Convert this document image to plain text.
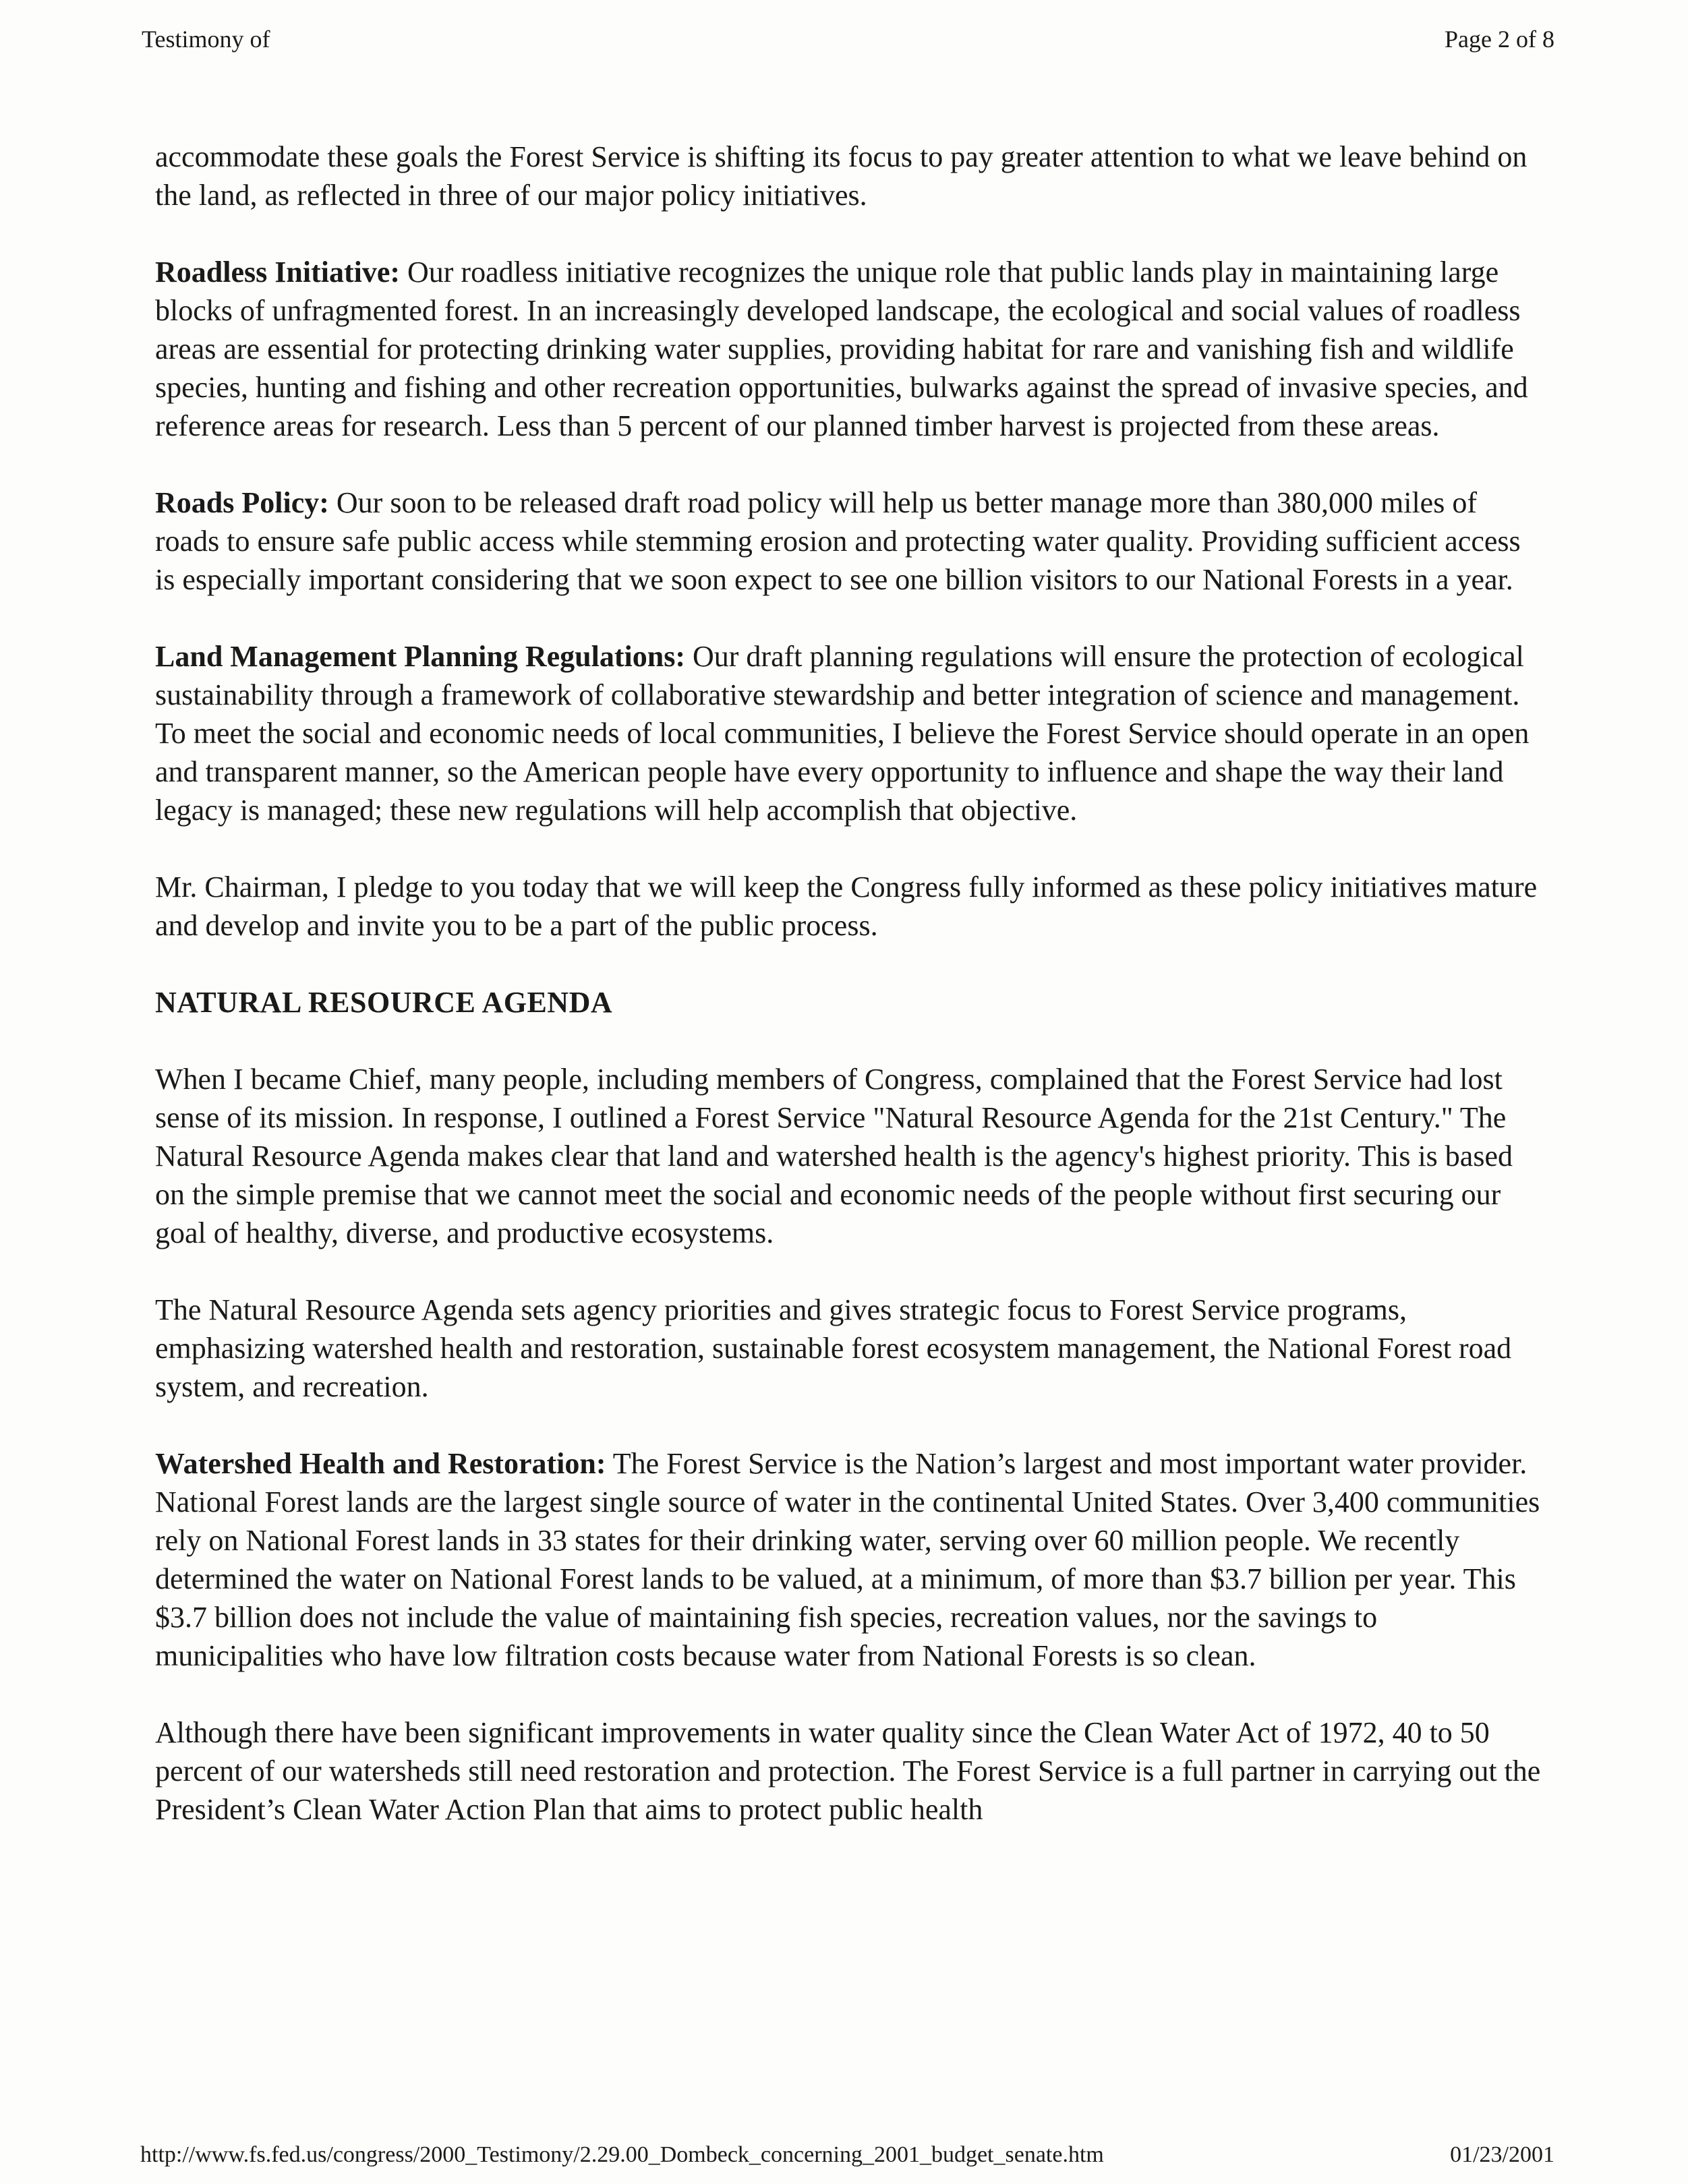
Testimony of	Page 2 of 8

accommodate these goals the Forest Service is shifting its focus to pay greater attention to what we leave behind on the land, as reflected in three of our major policy initiatives.

Roadless Initiative: Our roadless initiative recognizes the unique role that public lands play in maintaining large blocks of unfragmented forest. In an increasingly developed landscape, the ecological and social values of roadless areas are essential for protecting drinking water supplies, providing habitat for rare and vanishing fish and wildlife species, hunting and fishing and other recreation opportunities, bulwarks against the spread of invasive species, and reference areas for research. Less than 5 percent of our planned timber harvest is projected from these areas.

Roads Policy: Our soon to be released draft road policy will help us better manage more than 380,000 miles of roads to ensure safe public access while stemming erosion and protecting water quality. Providing sufficient access is especially important considering that we soon expect to see one billion visitors to our National Forests in a year.

Land Management Planning Regulations: Our draft planning regulations will ensure the protection of ecological sustainability through a framework of collaborative stewardship and better integration of science and management. To meet the social and economic needs of local communities, I believe the Forest Service should operate in an open and transparent manner, so the American people have every opportunity to influence and shape the way their land legacy is managed; these new regulations will help accomplish that objective.

Mr. Chairman, I pledge to you today that we will keep the Congress fully informed as these policy initiatives mature and develop and invite you to be a part of the public process.

NATURAL RESOURCE AGENDA

When I became Chief, many people, including members of Congress, complained that the Forest Service had lost sense of its mission. In response, I outlined a Forest Service "Natural Resource Agenda for the 21st Century." The Natural Resource Agenda makes clear that land and watershed health is the agency's highest priority. This is based on the simple premise that we cannot meet the social and economic needs of the people without first securing our goal of healthy, diverse, and productive ecosystems.

The Natural Resource Agenda sets agency priorities and gives strategic focus to Forest Service programs, emphasizing watershed health and restoration, sustainable forest ecosystem management, the National Forest road system, and recreation.

Watershed Health and Restoration: The Forest Service is the Nation’s largest and most important water provider. National Forest lands are the largest single source of water in the continental United States. Over 3,400 communities rely on National Forest lands in 33 states for their drinking water, serving over 60 million people. We recently determined the water on National Forest lands to be valued, at a minimum, of more than $3.7 billion per year. This $3.7 billion does not include the value of maintaining fish species, recreation values, nor the savings to municipalities who have low filtration costs because water from National Forests is so clean.

Although there have been significant improvements in water quality since the Clean Water Act of 1972, 40 to 50 percent of our watersheds still need restoration and protection. The Forest Service is a full partner in carrying out the President’s Clean Water Action Plan that aims to protect public health

http://www.fs.fed.us/congress/2000_Testimony/2.29.00_Dombeck_concerning_2001_budget_senate.htm	01/23/2001
